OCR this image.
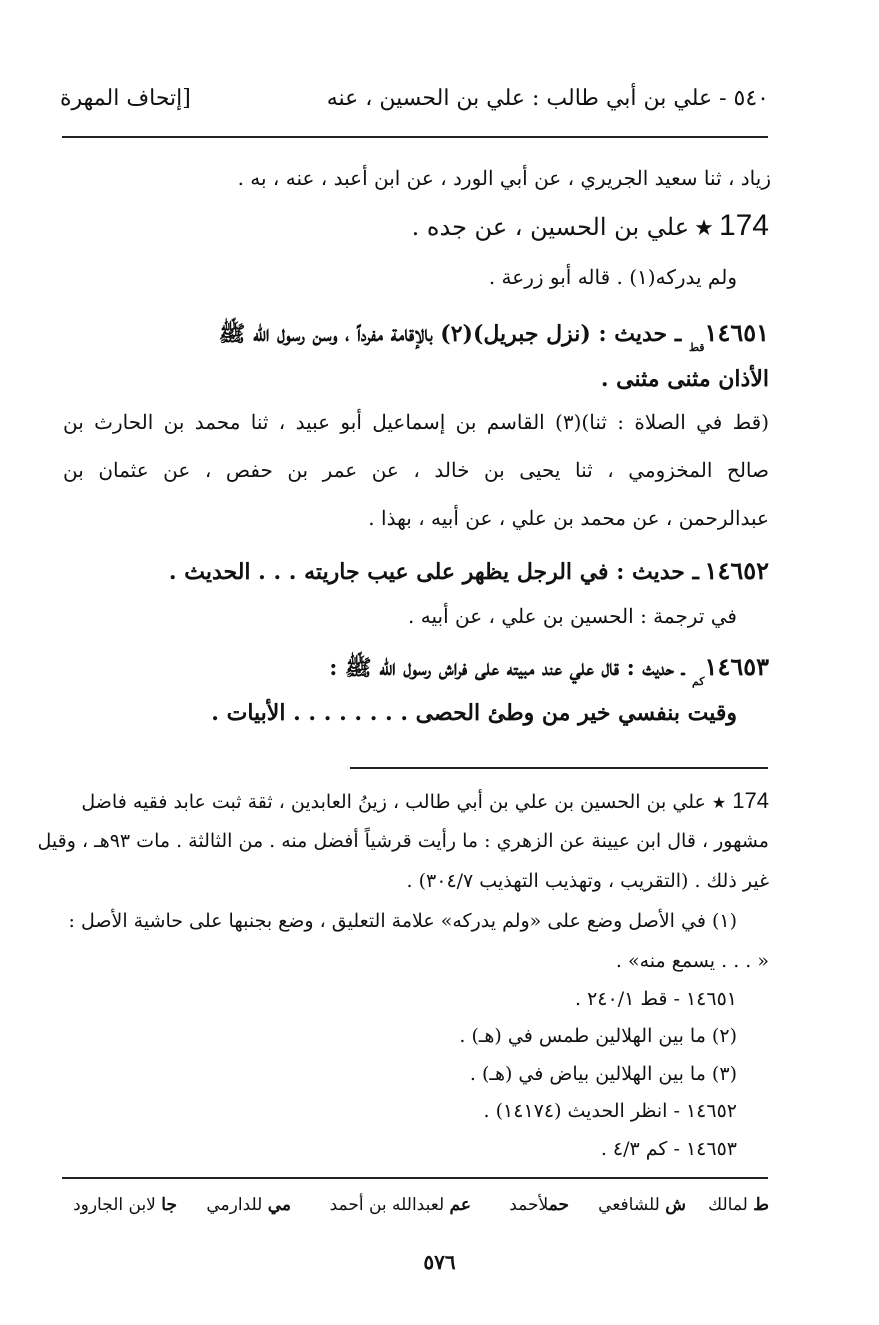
٥٤٠ - علي بن أبي طالب : علي بن الحسين ، عنه
[إتحاف المهرة
زياد ، ثنا سعيد الجريري ، عن أبي الورد ، عن ابن أعبد ، عنه ، به .
174 ★ علي بن الحسين ، عن جده .
ولم يدركه(١) . قاله أبو زرعة .
$١٤٦٥١_{قط}$ ـ حديث : (نزل جبريل)(٢) بالإقامة مفرداً ، وسن رسول الله ﷺ
الأذان مثنى مثنى .
(قط في الصلاة : ثنا)(٣) القاسم بن إسماعيل أبو عبيد ، ثنا محمد بن الحارث بن
صالح المخزومي ، ثنا يحيى بن خالد ، عن عمر بن حفص ، عن عثمان بن
عبدالرحمن ، عن محمد بن علي ، عن أبيه ، بهذا .
١٤٦٥٢ ـ حديث : في الرجل يظهر على عيب جاريته . . . الحديث .
في ترجمة : الحسين بن علي ، عن أبيه .
$١٤٦٥٣_{كم}$ ـ حديث : قال علي عند مبيته على فراش رسول الله ﷺ :
وقيت بنفسي خير من وطئ الحصى . . . . . . . . الأبيات .
174 ★ علي بن الحسين بن علي بن أبي طالب ، زينُ العابدين ، ثقة ثبت عابد فقيه فاضل
مشهور ، قال ابن عيينة عن الزهري : ما رأيت قرشياً أفضل منه . من الثالثة . مات ٩٣هـ ، وقيل
غير ذلك . (التقريب ، وتهذيب التهذيب ٣٠٤/٧) .
(١) في الأصل وضع على «ولم يدركه» علامة التعليق ، وضع بجنبها على حاشية الأصل :
« . . . يسمع منه» .
١٤٦٥١ - قط ٢٤٠/١ .
(٢) ما بين الهلالين طمس في (هـ) .
(٣) ما بين الهلالين بياض في (هـ) .
١٤٦٥٢ - انظر الحديث (١٤١٧٤) .
١٤٦٥٣ - كم ٤/٣ .
ط لمالك
ش للشافعي
حملأحمد
عم لعبدالله بن أحمد
مي للدارمي
جا لابن الجارود
٥٧٦
